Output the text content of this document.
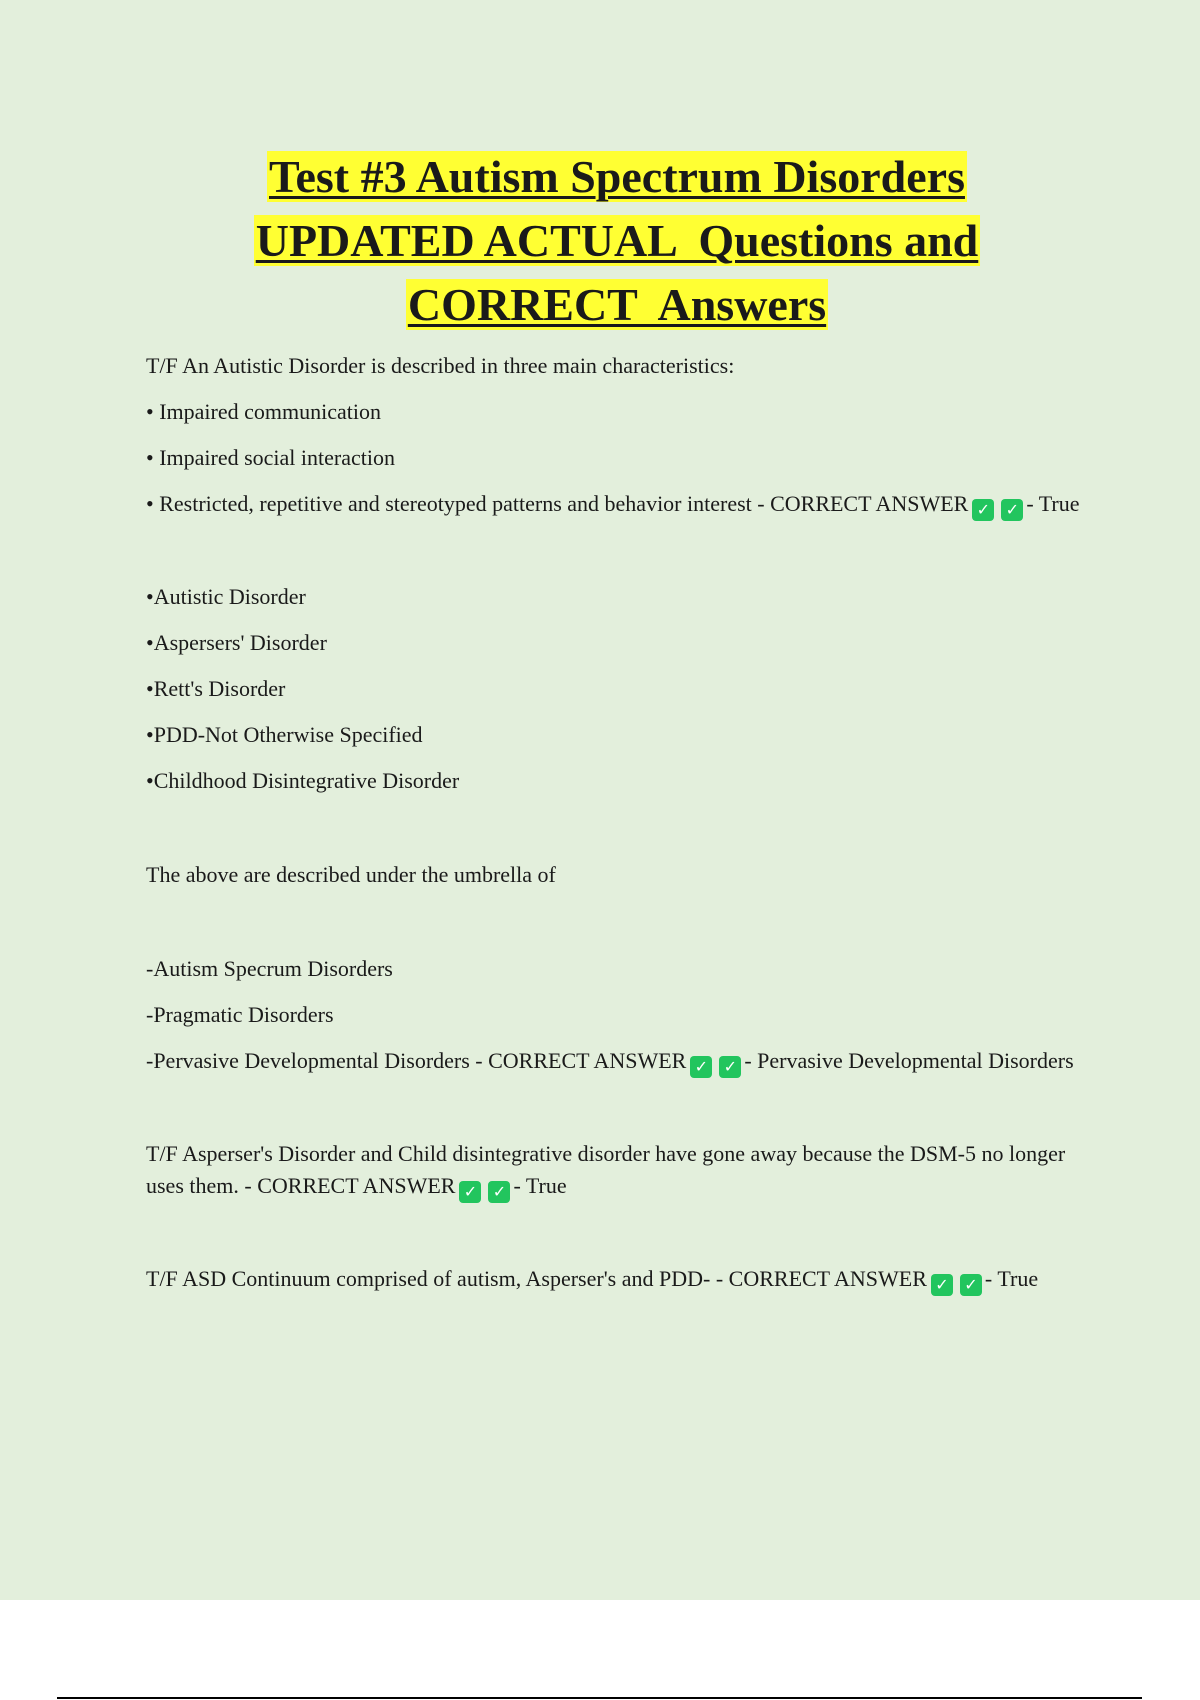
Test #3 Autism Spectrum Disorders
UPDATED ACTUAL  Questions and
CORRECT  Answers

T/F An Autistic Disorder is described in three main characteristics:

• Impaired communication

• Impaired social interaction

• Restricted, repetitive and stereotyped patterns and behavior interest - CORRECT ANSWER ✓ ✓ - True

•Autistic Disorder

•Aspersers' Disorder

•Rett's Disorder

•PDD-Not Otherwise Specified

•Childhood Disintegrative Disorder

The above are described under the umbrella of

-Autism Specrum Disorders

-Pragmatic Disorders

-Pervasive Developmental Disorders - CORRECT ANSWER ✓ ✓ - Pervasive Developmental Disorders

T/F Asperser's Disorder and Child disintegrative disorder have gone away because the DSM-5 no longer uses them. - CORRECT ANSWER ✓ ✓ - True

T/F ASD Continuum comprised of autism, Asperser's and PDD- - CORRECT ANSWER ✓ ✓ - True
